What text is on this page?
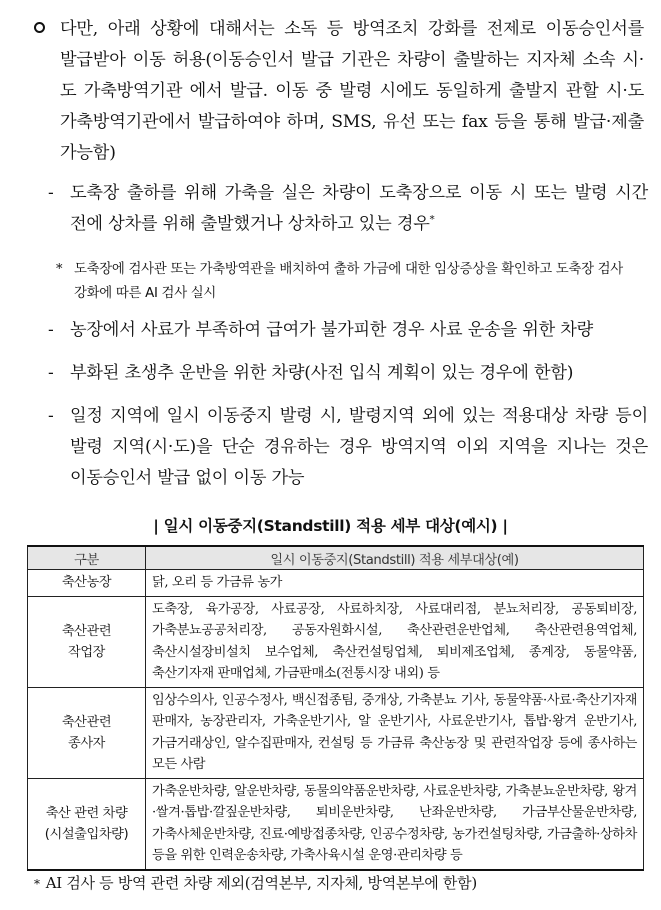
다만, 아래 상황에 대해서는 소독 등 방역조치 강화를 전제로 이동승인서를 발급받아 이동 허용(이동승인서 발급 기관은 차량이 출발하는 지자체 소속 시·도 가축방역기관 에서 발급. 이동 중 발령 시에도 동일하게 출발지 관할 시·도 가축방역기관에서 발급하여야 하며, SMS, 유선 또는 fax 등을 통해 발급·제출 가능함)
- 도축장 출하를 위해 가축을 실은 차량이 도축장으로 이동 시 또는 발령 시간 전에 상차를 위해 출발했거나 상차하고 있는 경우*
* 도축장에 검사관 또는 가축방역관을 배치하여 출하 가금에 대한 임상증상을 확인하고 도축장 검사 강화에 따른 AI 검사 실시
- 농장에서 사료가 부족하여 급여가 불가피한 경우 사료 운송을 위한 차량
- 부화된 초생추 운반을 위한 차량(사전 입식 계획이 있는 경우에 한함)
- 일정 지역에 일시 이동중지 발령 시, 발령지역 외에 있는 적용대상 차량 등이 발령 지역(시·도)을 단순 경유하는 경우 방역지역 이외 지역을 지나는 것은 이동승인서 발급 없이 이동 가능
| 일시 이동중지(Standstill) 적용 세부 대상(예시) |
구분	일시 이동중지(Standstill) 적용 세부대상(예)

축산농장	닭, 오리 등 가금류 농가

축산관련
작업장	도축장, 육가공장, 사료공장, 사료하치장, 사료대리점, 분뇨처리장, 공동퇴비장, 가축분뇨공공처리장, 공동자원화시설, 축산관련운반업체, 축산관련용역업체, 축산시설장비설치 보수업체, 축산컨설팅업체, 퇴비제조업체, 종계장, 동물약품, 축산기자재 판매업체, 가금판매소(전통시장 내외) 등

축산관련
종사자	임상수의사, 인공수정사, 백신접종팀, 중개상, 가축분뇨 기사, 동물약품·사료·축산기자재 판매자, 농장관리자, 가축운반기사, 알 운반기사, 사료운반기사, 톱밥·왕겨 운반기사, 가금거래상인, 알수집판매자, 컨설팅 등 가금류 축산농장 및 관련작업장 등에 종사하는 모든 사람

축산 관련 차량
(시설출입차량)	가축운반차량, 알운반차량, 동물의약품운반차량, 사료운반차량, 가축분뇨운반차량, 왕겨·쌀겨·톱밥·깔짚운반차량, 퇴비운반차량, 난좌운반차량, 가금부산물운반차량, 가축사체운반차량, 진료·예방접종차량, 인공수정차량, 농가컨설팅차량, 가금출하·상하차 등을 위한 인력운송차량, 가축사육시설 운영·관리차량 등
* AI 검사 등 방역 관련 차량 제외(검역본부, 지자체, 방역본부에 한함)
